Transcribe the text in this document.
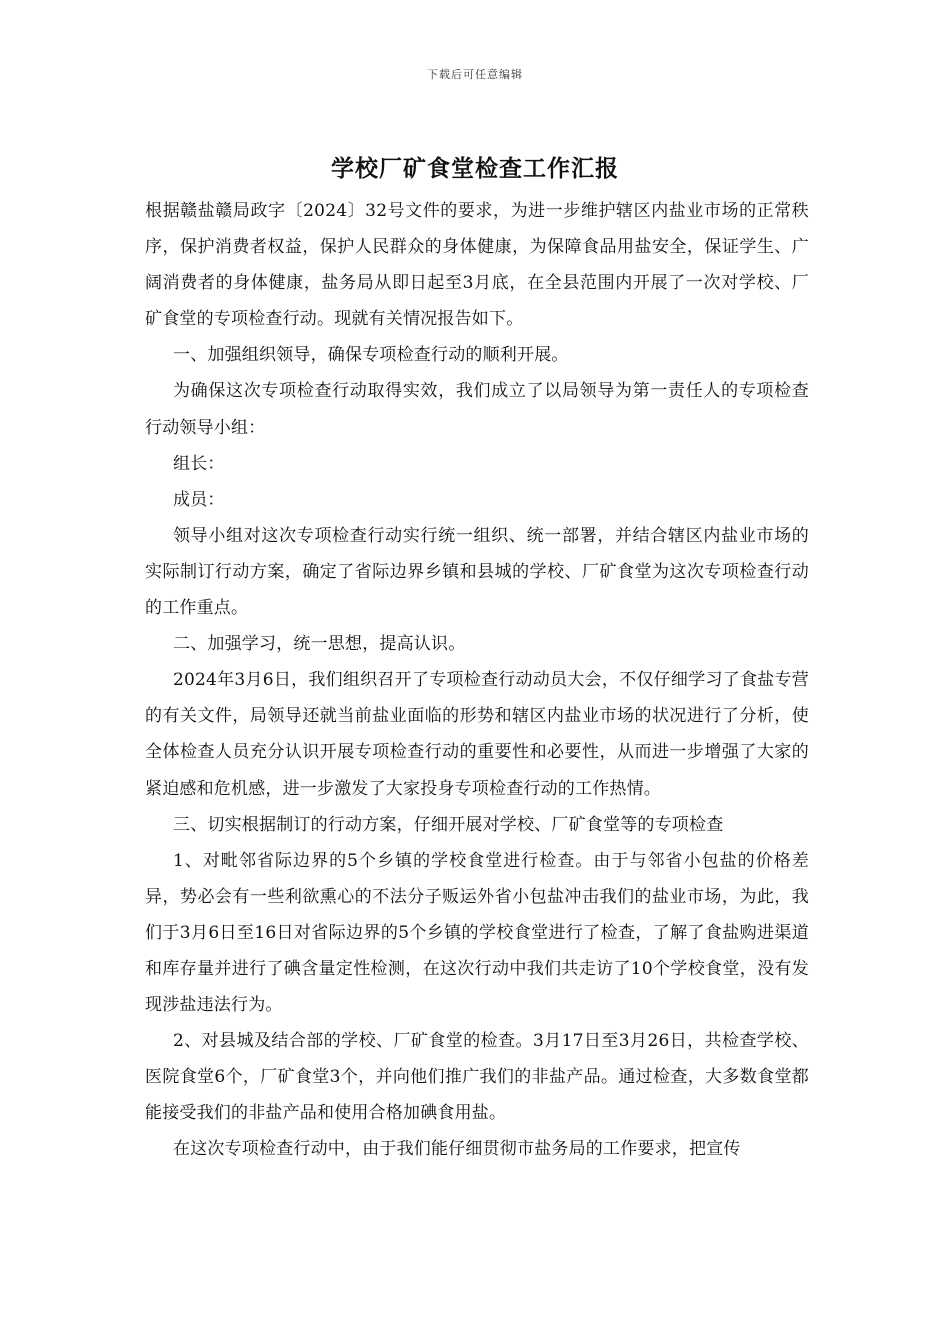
下载后可任意编辑
学校厂矿食堂检查工作汇报

根据赣盐赣局政字〔2024〕32号文件的要求，为进一步维护辖区内盐业市场的正常秩序，保护消费者权益，保护人民群众的身体健康，为保障食品用盐安全，保证学生、广阔消费者的身体健康，盐务局从即日起至3月底，在全县范围内开展了一次对学校、厂矿食堂的专项检查行动。现就有关情况报告如下。

一、加强组织领导，确保专项检查行动的顺利开展。

为确保这次专项检查行动取得实效，我们成立了以局领导为第一责任人的专项检查行动领导小组：

组长：

成员：

领导小组对这次专项检查行动实行统一组织、统一部署，并结合辖区内盐业市场的实际制订行动方案，确定了省际边界乡镇和县城的学校、厂矿食堂为这次专项检查行动的工作重点。

二、加强学习，统一思想，提高认识。

2024年3月6日，我们组织召开了专项检查行动动员大会，不仅仔细学习了食盐专营的有关文件，局领导还就当前盐业面临的形势和辖区内盐业市场的状况进行了分析，使全体检查人员充分认识开展专项检查行动的重要性和必要性，从而进一步增强了大家的紧迫感和危机感，进一步激发了大家投身专项检查行动的工作热情。

三、切实根据制订的行动方案，仔细开展对学校、厂矿食堂等的专项检查

1、对毗邻省际边界的5个乡镇的学校食堂进行检查。由于与邻省小包盐的价格差异，势必会有一些利欲熏心的不法分子贩运外省小包盐冲击我们的盐业市场，为此，我们于3月6日至16日对省际边界的5个乡镇的学校食堂进行了检查，了解了食盐购进渠道和库存量并进行了碘含量定性检测，在这次行动中我们共走访了10个学校食堂，没有发现涉盐违法行为。

2、对县城及结合部的学校、厂矿食堂的检查。3月17日至3月26日，共检查学校、医院食堂6个，厂矿食堂3个，并向他们推广我们的非盐产品。通过检查，大多数食堂都能接受我们的非盐产品和使用合格加碘食用盐。

在这次专项检查行动中，由于我们能仔细贯彻市盐务局的工作要求，把宣传
